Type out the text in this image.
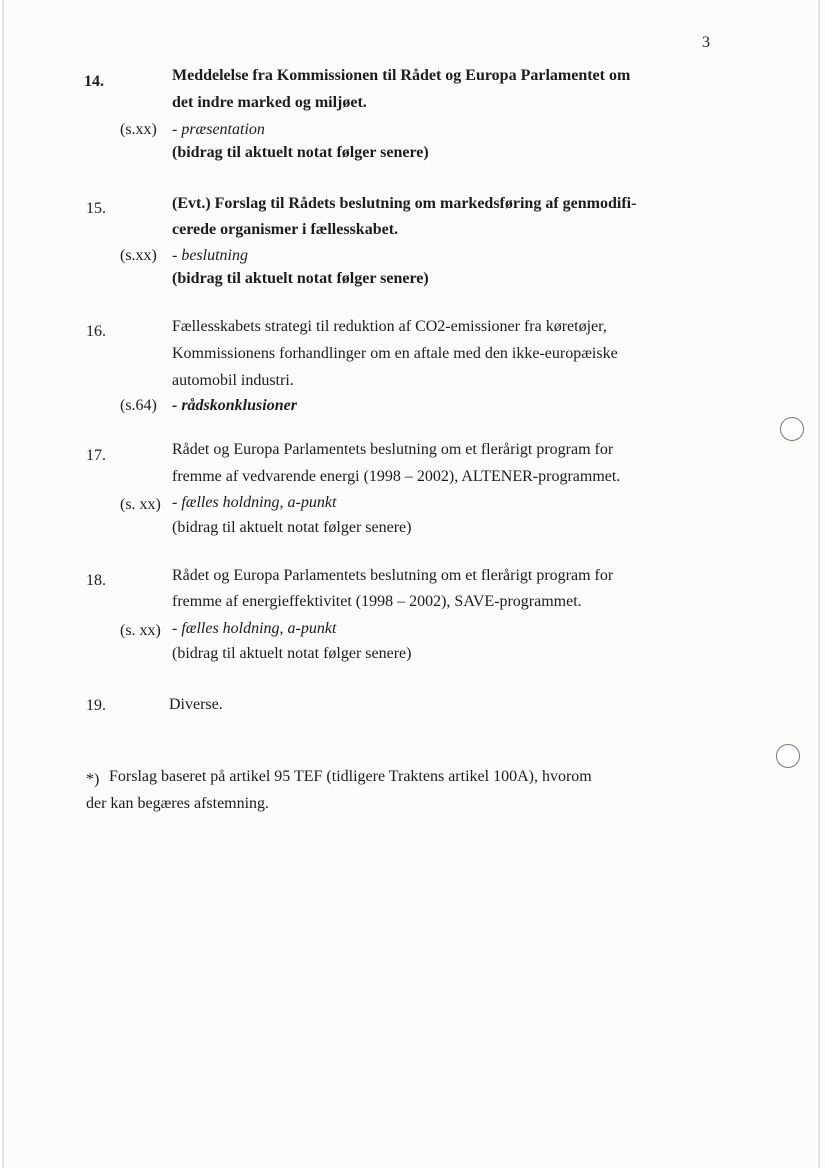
3
14.	Meddelelse fra Kommissionen til Rådet og Europa Parlamentet om
det indre marked og miljøet.
(s.xx) - præsentation
(bidrag til aktuelt notat følger senere)
15.	(Evt.) Forslag til Rådets beslutning om markedsføring af genmodifi-
cerede organismer i fællesskabet.
(s.xx) - beslutning
(bidrag til aktuelt notat følger senere)
16.	Fællesskabets strategi til reduktion af CO2-emissioner fra køretøjer,
Kommissionens forhandlinger om en aftale med den ikke-europæiske
automobil industri.
(s.64) - rådskonklusioner
17.	Rådet og Europa Parlamentets beslutning om et flerårigt program for
fremme af vedvarende energi (1998 – 2002), ALTENER-programmet.
(s. xx) - fælles holdning, a-punkt
(bidrag til aktuelt notat følger senere)
18.	Rådet og Europa Parlamentets beslutning om et flerårigt program for
fremme af energieffektivitet (1998 – 2002), SAVE-programmet.
(s. xx) - fælles holdning, a-punkt
(bidrag til aktuelt notat følger senere)
19.	Diverse.
*) Forslag baseret på artikel 95 TEF (tidligere Traktens artikel 100A), hvorom
der kan begæres afstemning.
